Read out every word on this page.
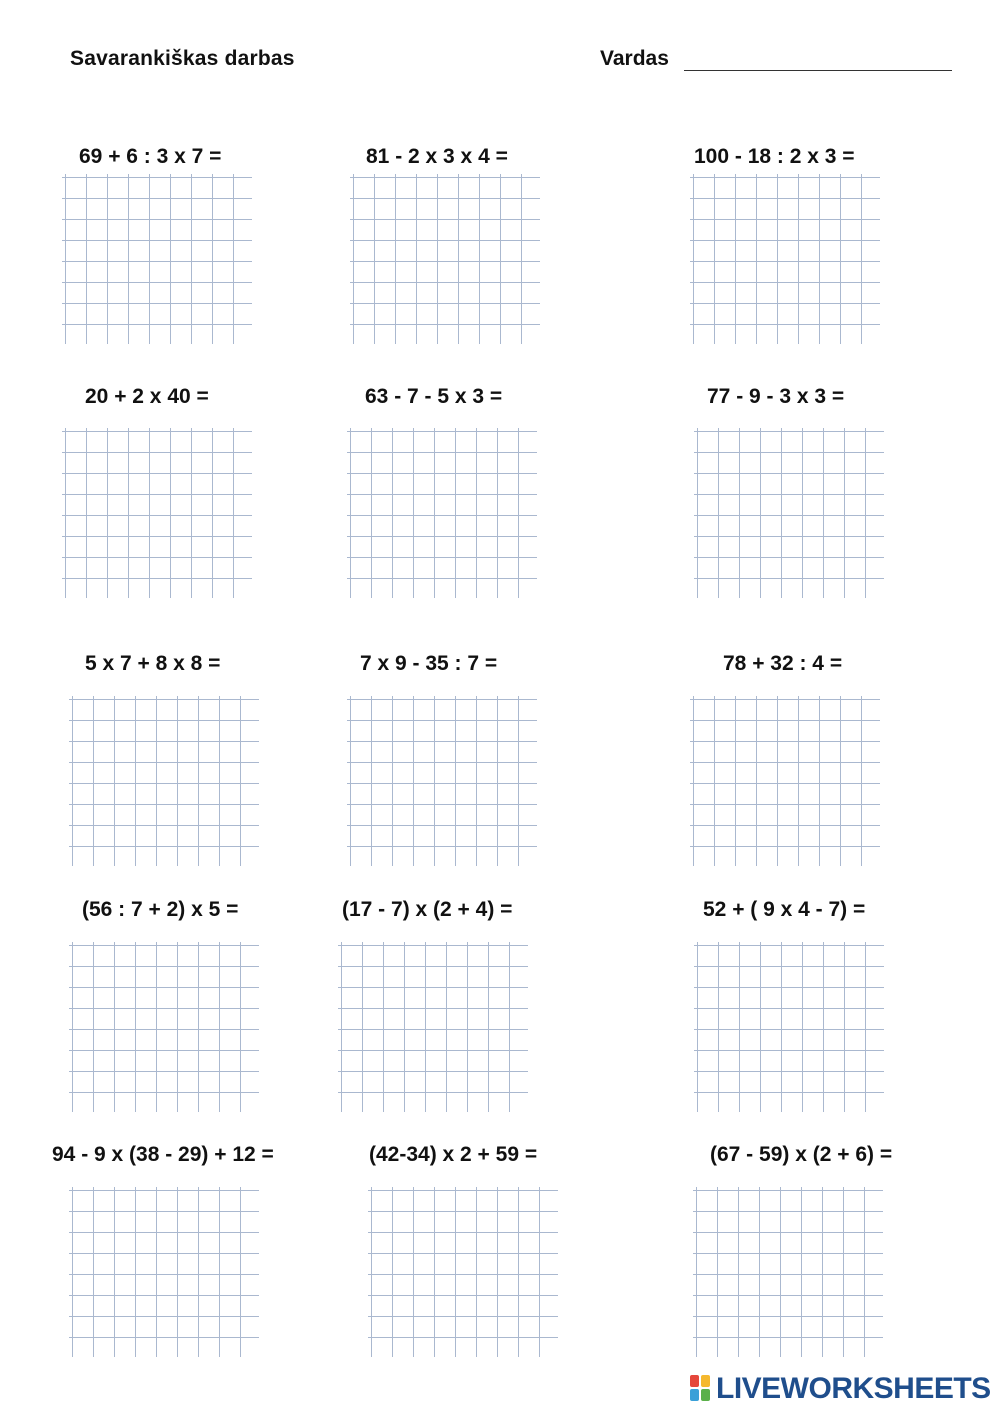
Savarankiškas darbas	Vardas
69 + 6 : 3 x 7 =	81 - 2 x 3 x 4 =	100 - 18 : 2 x 3 =
20 + 2 x 40 =	63 - 7 - 5 x 3 =	77 - 9 - 3 x 3 =
5 x 7 + 8 x 8 =	7 x 9 - 35 : 7 =	78 + 32 : 4 =
(56 : 7 + 2) x 5 =	(17 - 7) x (2 + 4) =	52 + ( 9 x 4 - 7) =
94 - 9 x (38 - 29) + 12 =	(42-34) x 2 + 59 =	(67 - 59) x (2 + 6) =
LIVEWORKSHEETS
